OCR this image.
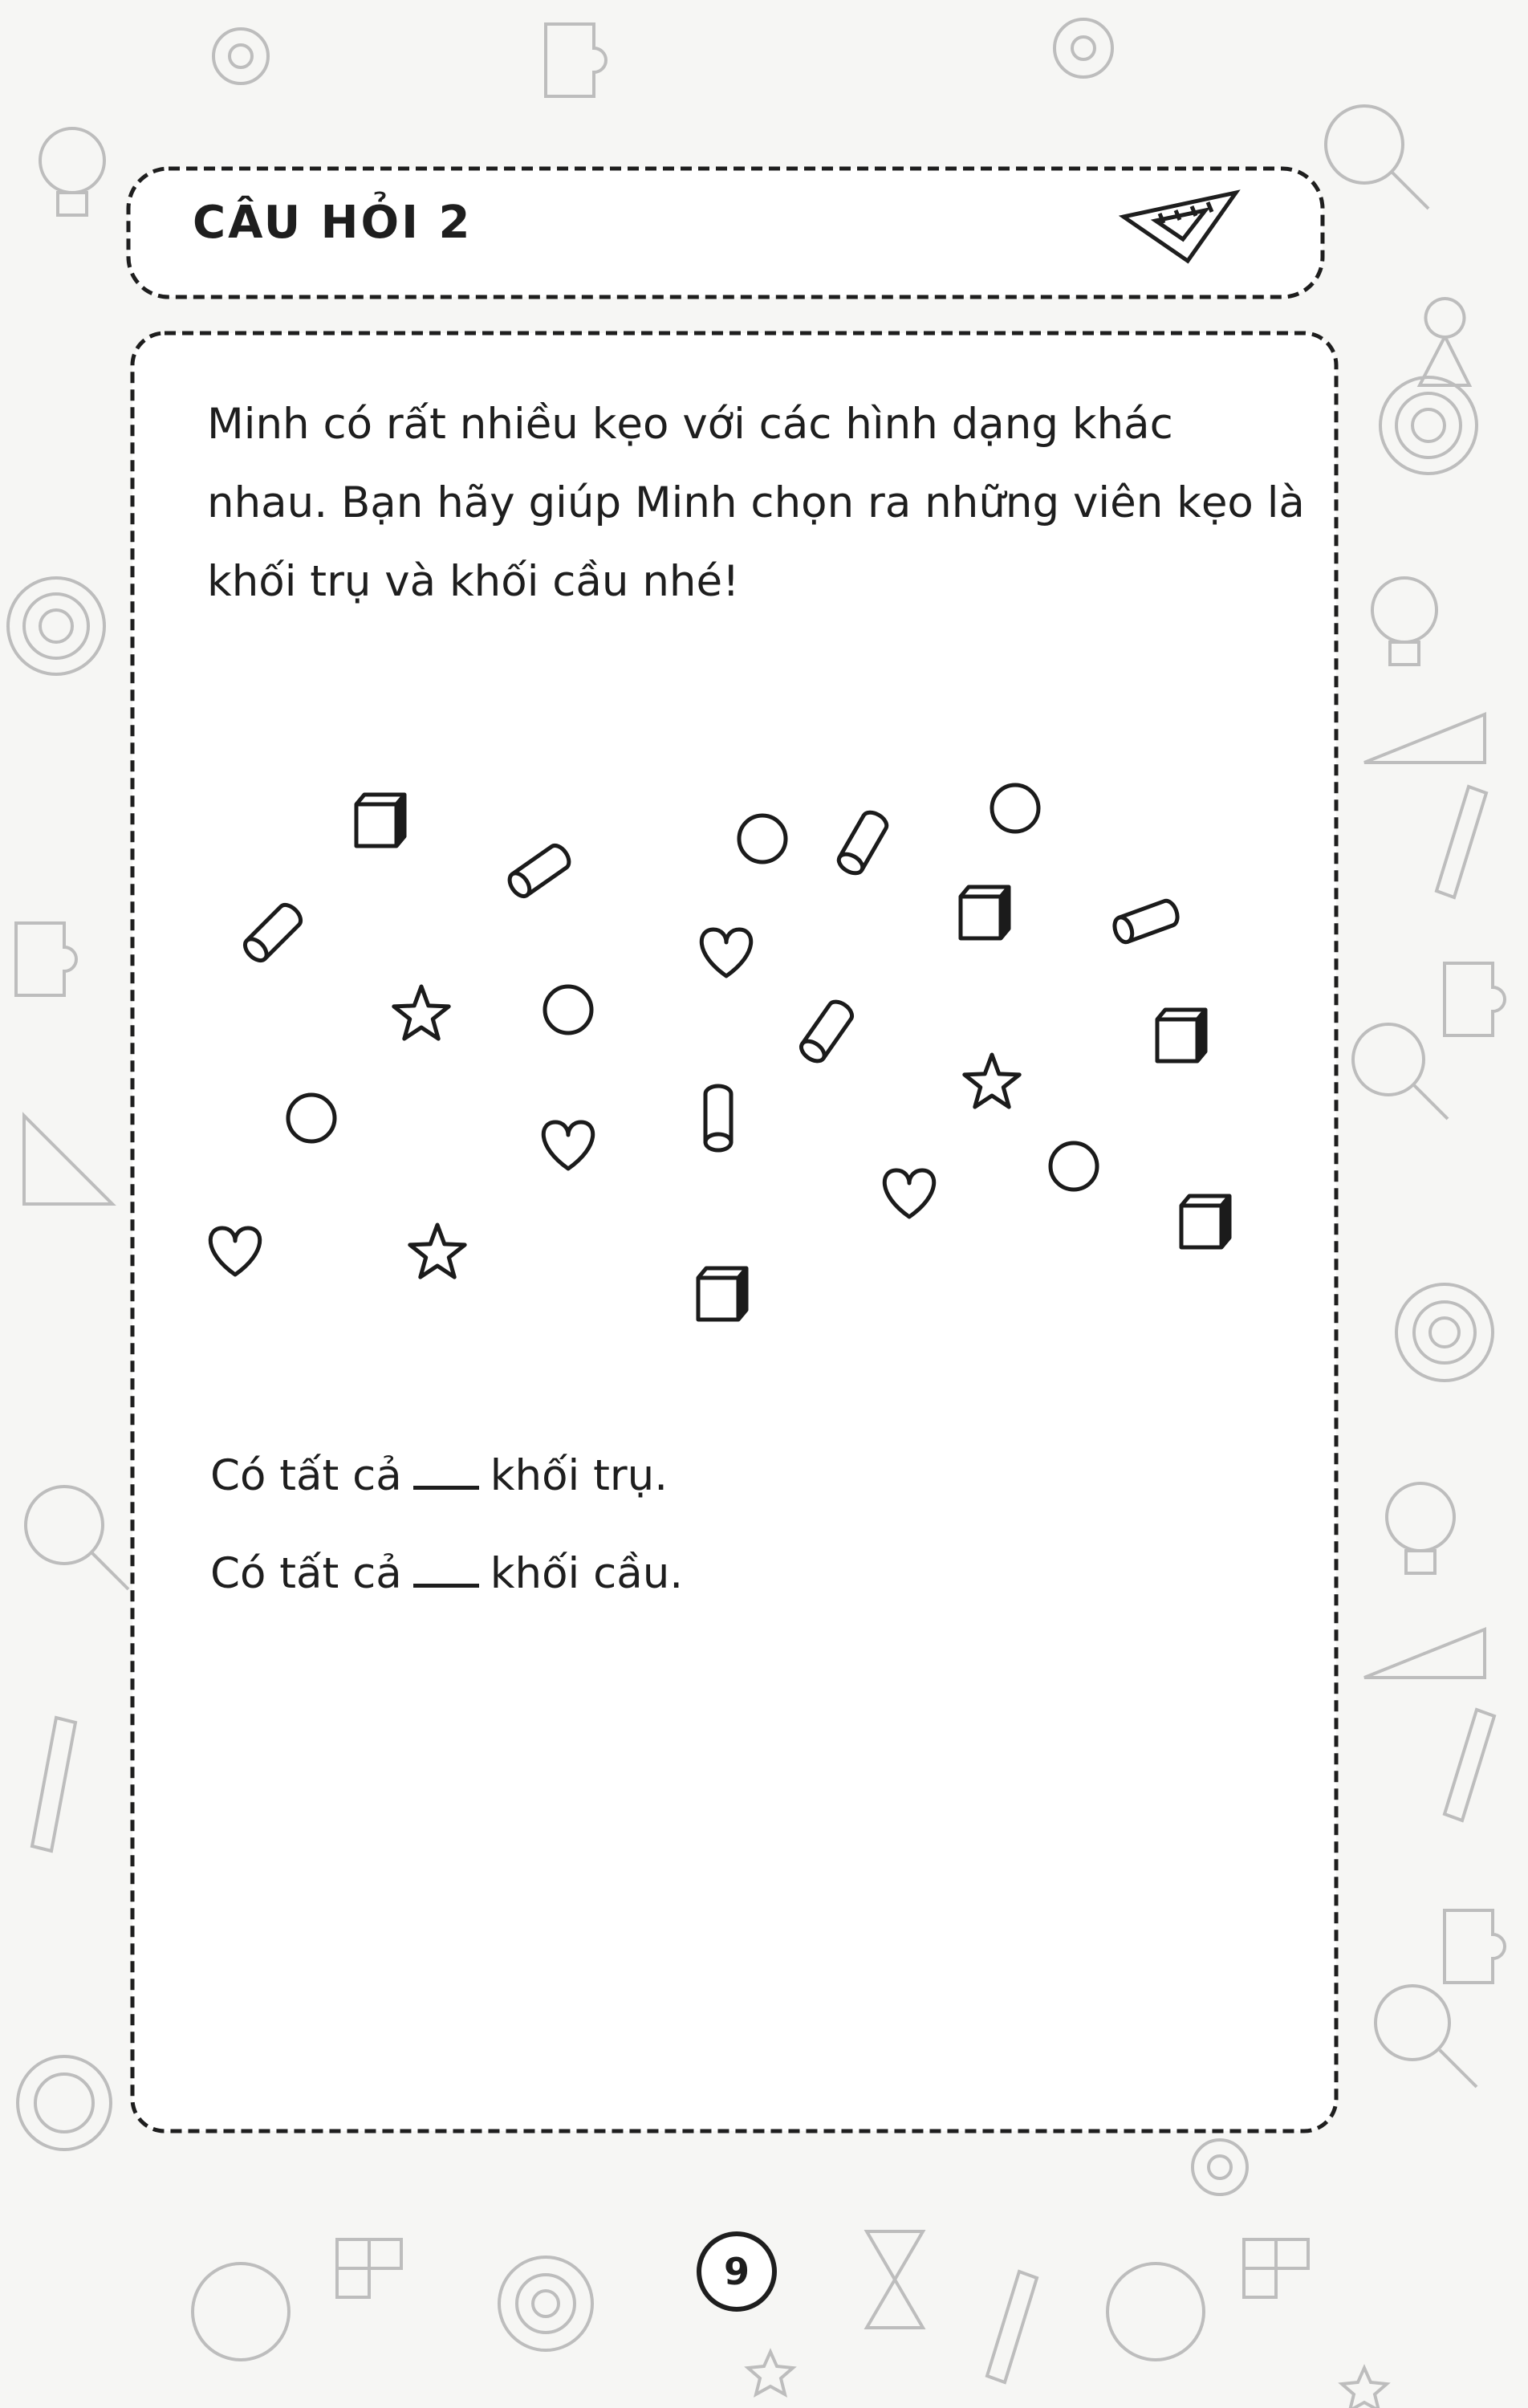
CÂU HỎI 2

Minh có rất nhiều kẹo với các hình dạng khác nhau. Bạn hãy giúp Minh chọn ra những viên kẹo là khối trụ và khối cầu nhé!

Có tất cả khối trụ.
Có tất cả khối cầu.
9
